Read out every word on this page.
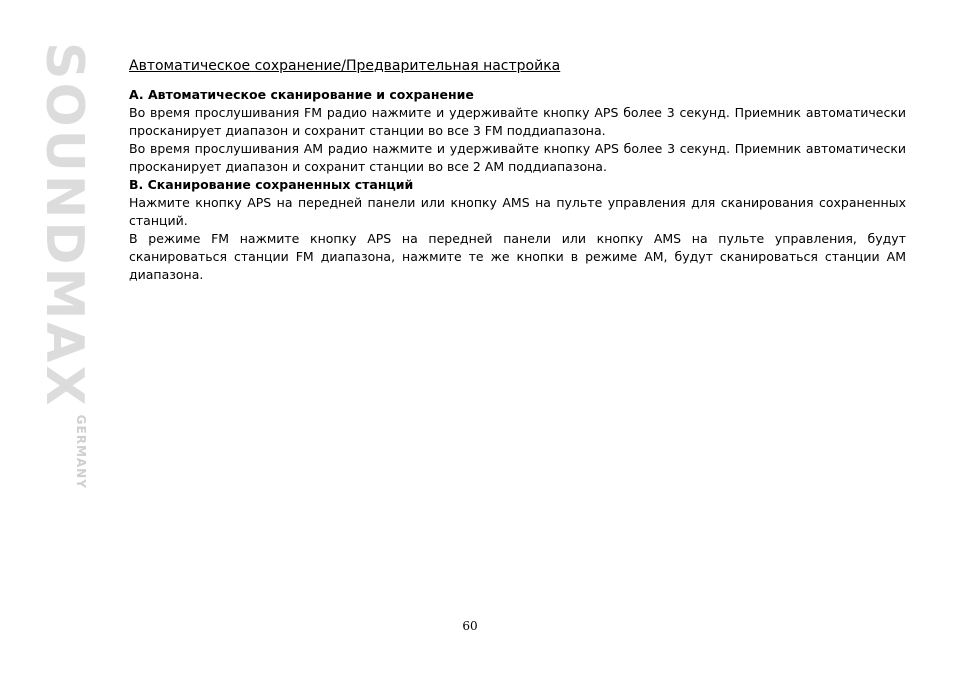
SOUNDMAX
GERMANY
Автоматическое сохранение/Предварительная настройка

A. Автоматическое сканирование и сохранение

Во время прослушивания FM радио нажмите и удерживайте кнопку APS более 3 секунд. Приемник автоматически просканирует диапазон и сохранит станции во все 3 FM поддиапазона.

Во время прослушивания AM радио нажмите и удерживайте кнопку APS более 3 секунд. Приемник автоматически просканирует диапазон и сохранит станции во все 2 AM поддиапазона.

B. Сканирование сохраненных станций

Нажмите кнопку APS на передней панели или кнопку AMS на пульте управления для сканирования сохраненных станций.

В режиме FM нажмите кнопку APS на передней панели или кнопку AMS на пульте управления, будут сканироваться станции FM диапазона, нажмите те же кнопки в режиме AM, будут сканироваться станции AM диапазона.

60
